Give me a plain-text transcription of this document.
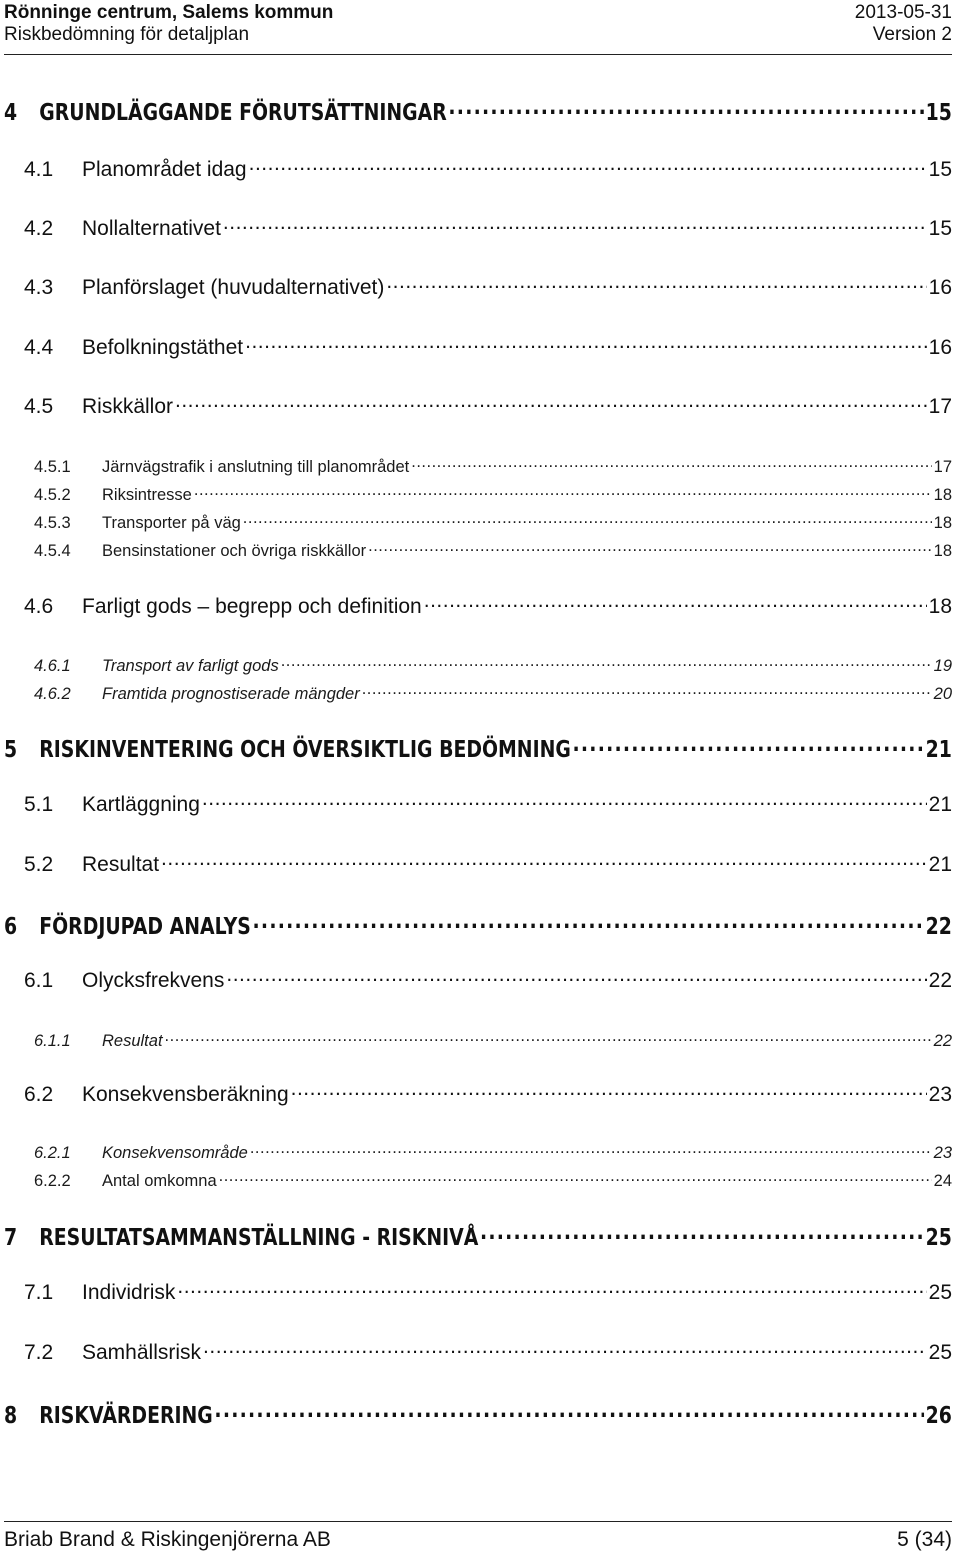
Rönninge centrum, Salems kommun	2013-05-31
Riskbedömning för detaljplan	Version 2
4 GRUNDLÄGGANDE FÖRUTSÄTTNINGAR .....	15
4.1	Planområdet idag .....	15
4.2	Nollalternativet .....	15
4.3	Planförslaget (huvudalternativet) .....	16
4.4	Befolkningstäthet .....	16
4.5	Riskkällor .....	17
4.5.1	Järnvägstrafik i anslutning till planområdet .....	17
4.5.2	Riksintresse .....	18
4.5.3	Transporter på väg .....	18
4.5.4	Bensinstationer och övriga riskkällor .....	18
4.6	Farligt gods – begrepp och definition .....	18
4.6.1	Transport av farligt gods .....	19
4.6.2	Framtida prognostiserade mängder .....	20
5 RISKINVENTERING OCH ÖVERSIKTLIG BEDÖMNING .....	21
5.1	Kartläggning .....	21
5.2	Resultat .....	21
6 FÖRDJUPAD ANALYS .....	22
6.1	Olycksfrekvens .....	22
6.1.1	Resultat .....	22
6.2	Konsekvensberäkning .....	23
6.2.1	Konsekvensområde .....	23
6.2.2	Antal omkomna .....	24
7 RESULTATSAMMANSTÄLLNING - RISKNIVÅ .....	25
7.1	Individrisk .....	25
7.2	Samhällsrisk .....	25
8 RISKVÄRDERING .....	26
Briab Brand & Riskingenjörerna AB	5 (34)
